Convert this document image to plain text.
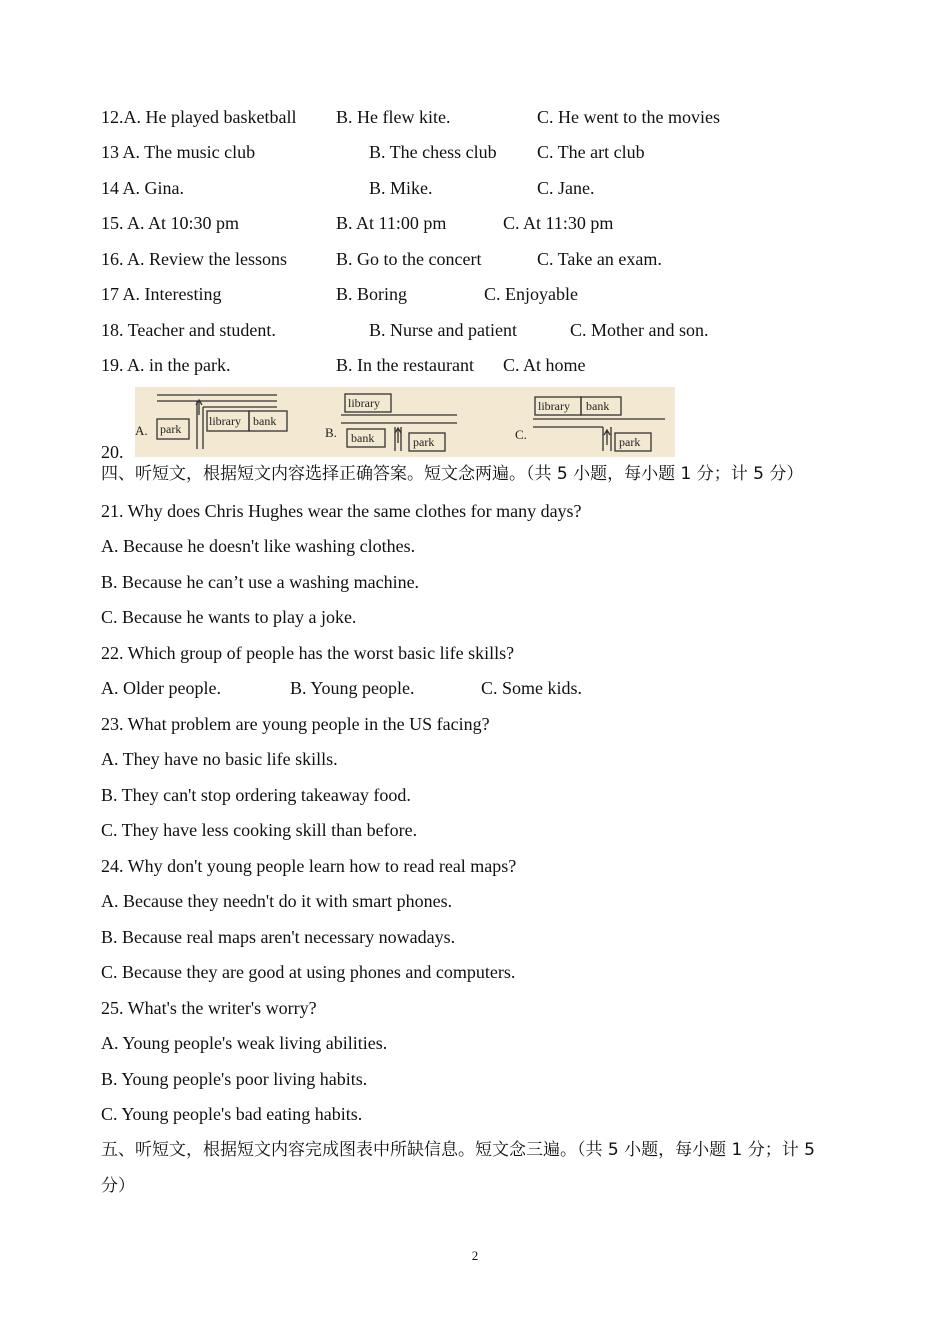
12.A. He played basketball B. He flew kite.	C. He went to the movies
13 A. The music club	B. The chess club C. The art club
14 A. Gina.	B. Mike.	C. Jane.
15. A. At 10:30 pm	B. At 11:00 pm	C. At 11:30 pm
16. A. Review the lessons	B. Go to the concert	C. Take an exam.
17 A. Interesting	B. Boring	C. Enjoyable
18. Teacher and student.	B. Nurse and patient	C. Mother and son.
19. A. in the park.	B. In the restaurant C. At home
A. park
library bank
B.
library
bank	park	C.
library bank
park
20.
四、听短文，根据短文内容选择正确答案。短文念两遍。（共 5 小题，每小题 1 分；计 5 分）
21. Why does Chris Hughes wear the same clothes for many days?
A. Because he doesn't like washing clothes.
B. Because he can’t use a washing machine.
C. Because he wants to play a joke.
22. Which group of people has the worst basic life skills?
A. Older people.	B. Young people.	C. Some kids.
23. What problem are young people in the US facing?
A. They have no basic life skills.
B. They can't stop ordering takeaway food.
C. They have less cooking skill than before.
24. Why don't young people learn how to read real maps?
A. Because they needn't do it with smart phones.
B. Because real maps aren't necessary nowadays.
C. Because they are good at using phones and computers.
25. What's the writer's worry?
A. Young people's weak living abilities.
B. Young people's poor living habits.
C. Young people's bad eating habits.
五、听短文，根据短文内容完成图表中所缺信息。短文念三遍。（共 5 小题，每小题 1 分；计 5
分）
2
